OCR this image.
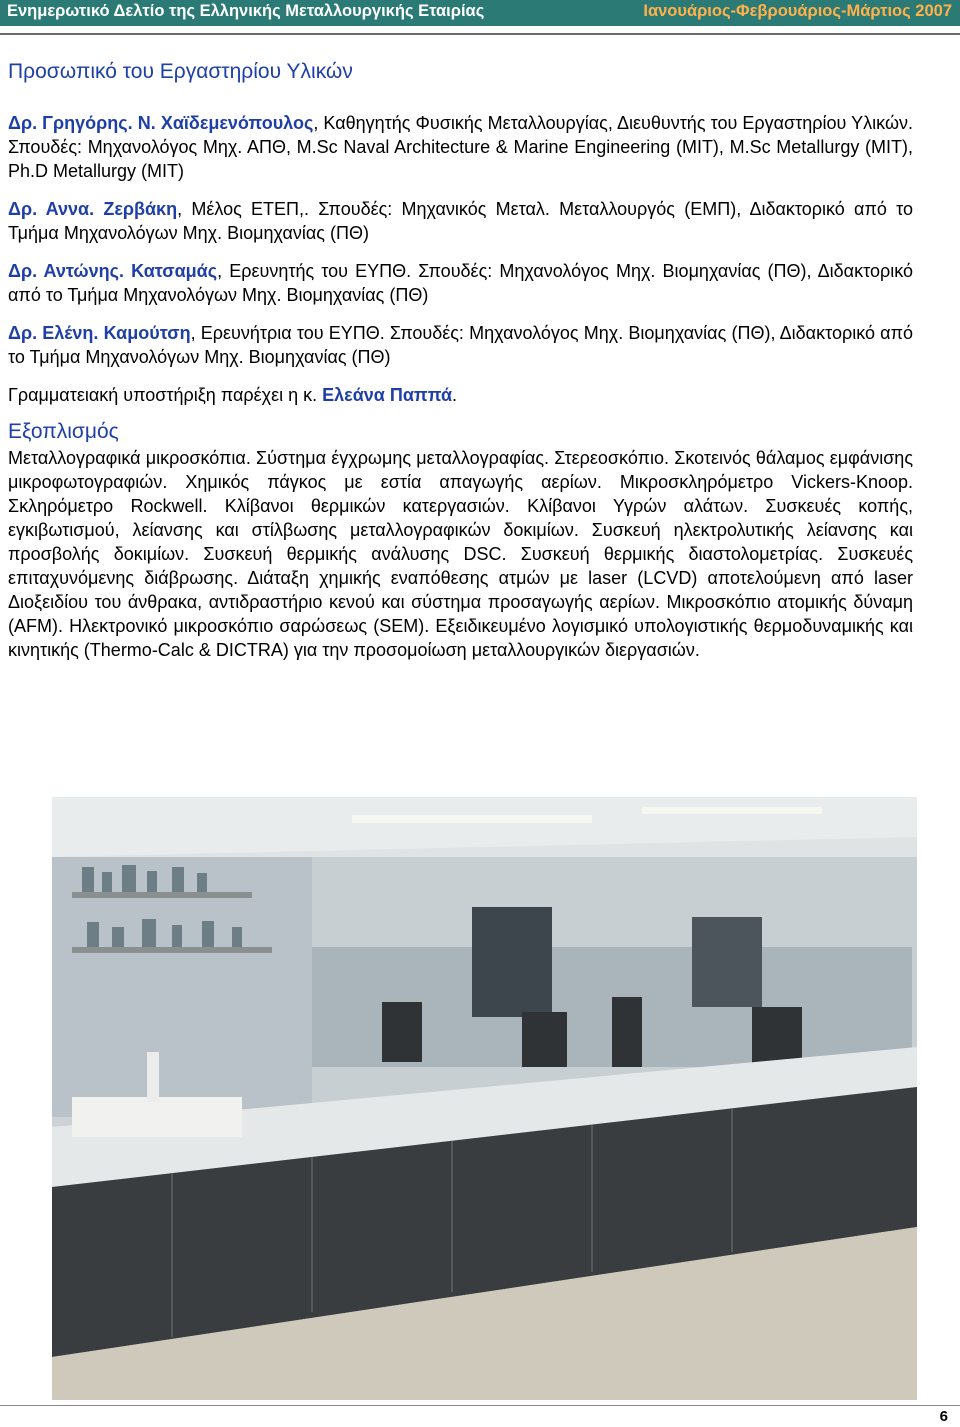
Ενημερωτικό Δελτίο της Ελληνικής Μεταλλουργικής Εταιρίας	Ιανουάριος-Φεβρουάριος-Μάρτιος 2007
Προσωπικό του Εργαστηρίου Υλικών

Δρ. Γρηγόρης. Ν. Χαϊδεμενόπουλος, Καθηγητής Φυσικής Μεταλλουργίας, Διευθυντής του Εργαστηρίου Υλικών. Σπουδές: Μηχανολόγος Μηχ. ΑΠΘ, M.Sc Naval Architecture & Marine Engineering (MIT), M.Sc Metallurgy (MIT), Ph.D Metallurgy (MIT)

Δρ. Αννα. Ζερβάκη, Μέλος ΕΤΕΠ,. Σπουδές: Μηχανικός Μεταλ. Μεταλλουργός (ΕΜΠ), Διδακτορικό από το Τμήμα Μηχανολόγων Μηχ. Βιομηχανίας (ΠΘ)

Δρ. Αντώνης. Κατσαμάς, Ερευνητής του ΕΥΠΘ. Σπουδές: Μηχανολόγος Μηχ. Βιομηχανίας (ΠΘ), Διδακτορικό από το Τμήμα Μηχανολόγων Μηχ. Βιομηχανίας (ΠΘ)

Δρ. Ελένη. Καμούτση, Ερευνήτρια του ΕΥΠΘ. Σπουδές: Μηχανολόγος Μηχ. Βιομηχανίας (ΠΘ), Διδακτορικό από το Τμήμα Μηχανολόγων Μηχ. Βιομηχανίας (ΠΘ)

Γραμματειακή υποστήριξη παρέχει η κ. Ελεάνα Παππά.

Εξοπλισμός

Μεταλλογραφικά μικροσκόπια. Σύστημα έγχρωμης μεταλλογραφίας. Στερεοσκόπιο. Σκοτεινός θάλαμος εμφάνισης μικροφωτογραφιών. Χημικός πάγκος με εστία απαγωγής αερίων. Μικροσκληρόμετρο Vickers-Knoop. Σκληρόμετρο Rockwell. Κλίβανοι θερμικών κατεργασιών. Κλίβανοι Υγρών αλάτων. Συσκευές κοπής, εγκιβωτισμού, λείανσης και στίλβωσης μεταλλογραφικών δοκιμίων. Συσκευή ηλεκτρολυτικής λείανσης και προσβολής δοκιμίων. Συσκευή θερμικής ανάλυσης DSC. Συσκευή θερμικής διαστολομετρίας. Συσκευές επιταχυνόμενης διάβρωσης. Διάταξη χημικής εναπόθεσης ατμών με laser (LCVD) αποτελούμενη από laser Διοξειδίου του άνθρακα, αντιδραστήριο κενού και σύστημα προσαγωγής αερίων. Μικροσκόπιο ατομικής δύναμη (AFM). Ηλεκτρονικό μικροσκόπιο σαρώσεως (SEM). Εξειδικευμένο λογισμικό υπολογιστικής θερμοδυναμικής και κινητικής (Thermo-Calc & DICTRA) για την προσομοίωση μεταλλουργικών διεργασιών.

6
